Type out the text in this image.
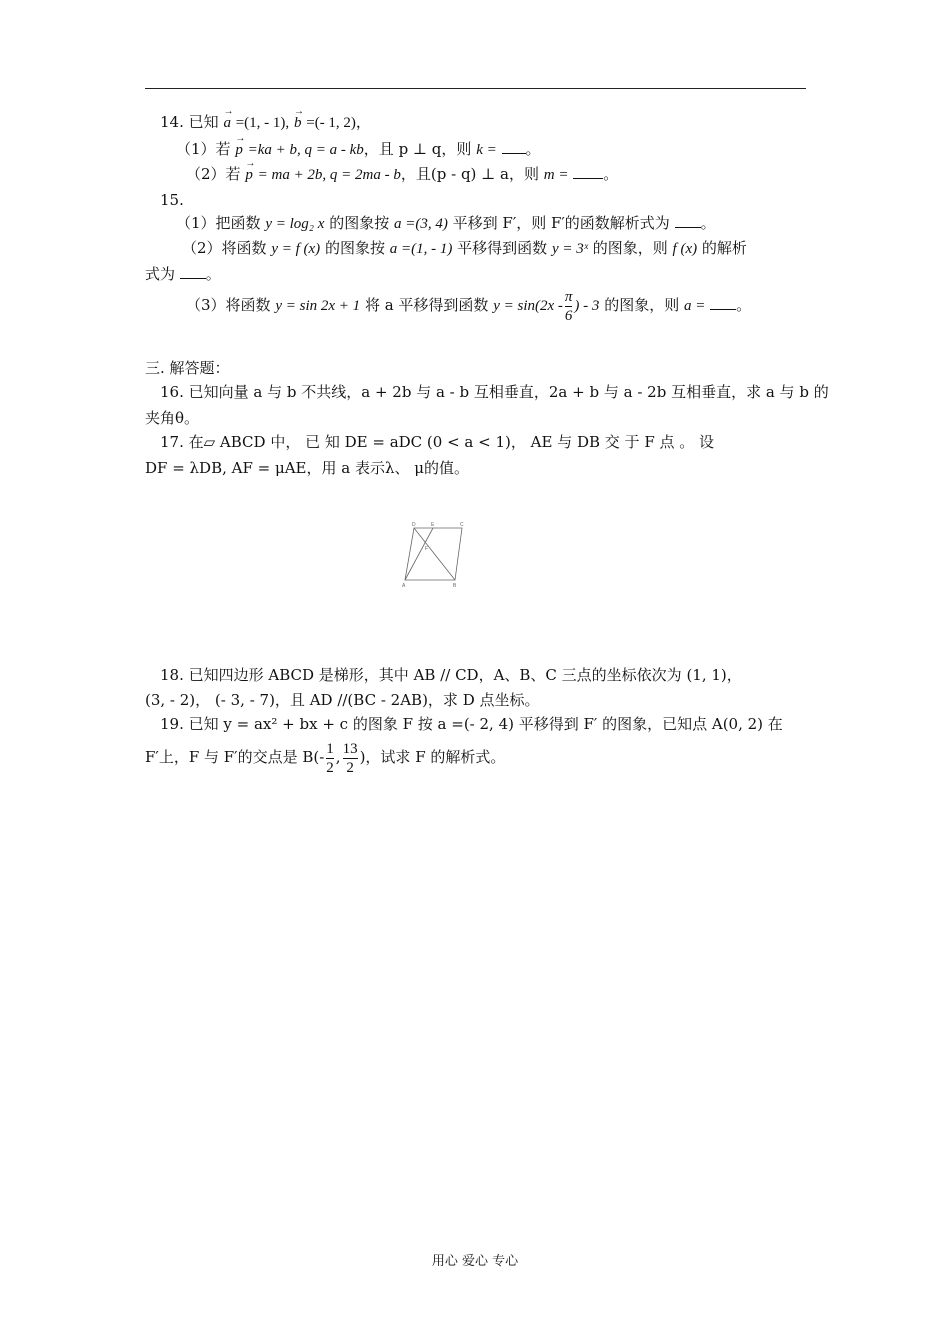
14. 已知 → a =(1, - 1), → b =(- 1, 2)，
（1）若 → p =ka + b, q = a - kb，且 p ⊥ q，则 k = 。
（2）若 → p = ma + 2b, q = 2ma - b，且(p - q) ⊥ a，则 m = 。
15.
（1）把函数 y = log₂ x 的图象按 a =(3, 4) 平移到 F′，则 F′的函数解析式为 。
（2）将函数 y = f (x) 的图象按 a =(1, - 1) 平移得到函数 y = 3ˣ 的图象，则 f (x) 的解析
式为 。
（3）将函数 y = sin 2x + 1 将 a 平移得到函数 $y = \sin(2x - \frac{\pi}{6}$ ) - 3 的图象，则 a = 。
三. 解答题：
16. 已知向量 a 与 b 不共线，a + 2b 与 a - b 互相垂直，2a + b 与 a - 2b 互相垂直，求 a 与 b 的
夹角θ。
17. 在▱ ABCD 中， 已 知 DE = aDC (0 < a < 1)， AE 与 DB 交 于 F 点 。 设
DF = λDB, AF = μAE，用 a 表示λ、 μ的值。
D	E	C
F
A	B
18. 已知四边形 ABCD 是梯形，其中 AB // CD，A、B、C 三点的坐标依次为 (1, 1)，
(3, - 2)， (- 3, - 7)，且 AD //(BC - 2AB)，求 D 点坐标。
19. 已知 y = ax² + bx + c 的图象 F 按 a =(- 2, 4) 平移得到 F′ 的图象，已知点 A(0, 2) 在
F′上，F 与 F′的交点是 $B(- \frac{1}{2}$ , $\frac{13}{2}$ )，试求 F 的解析式。
用心 爱心 专心
